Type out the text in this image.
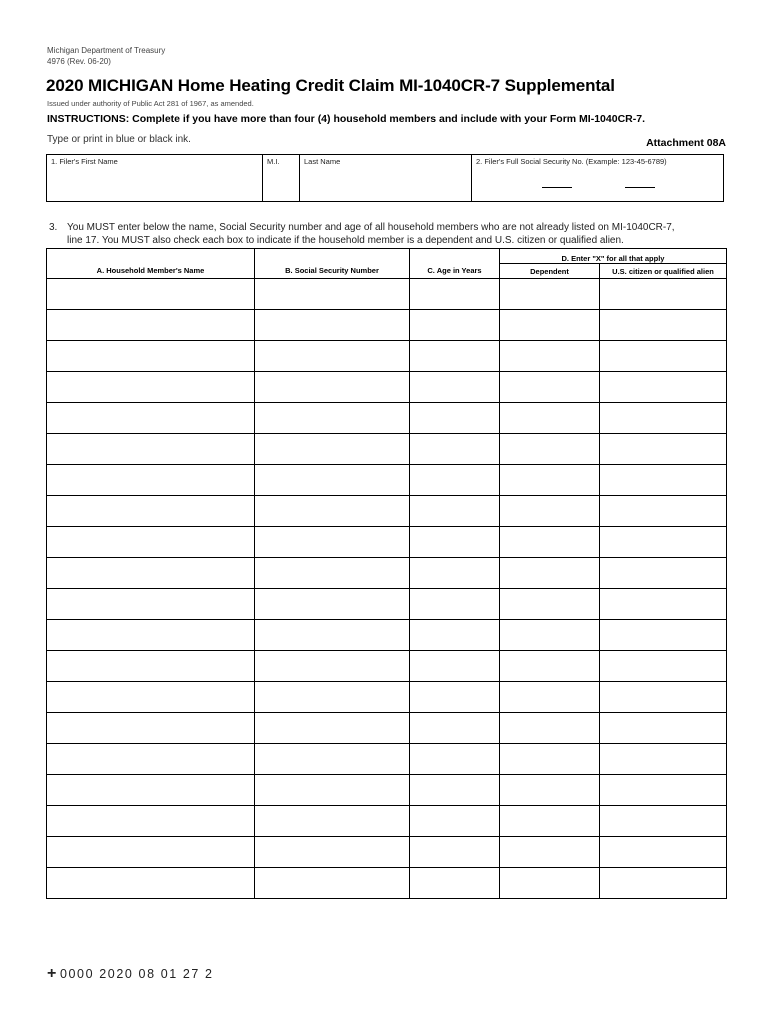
Michigan Department of Treasury
4976 (Rev. 06-20)
2020 MICHIGAN Home Heating Credit Claim MI-1040CR-7 Supplemental
Issued under authority of Public Act 281 of 1967, as amended.
INSTRUCTIONS: Complete if you have more than four (4) household members and include with your Form MI-1040CR-7.
Type or print in blue or black ink.	Attachment 08A
1. Filer's First Name	M.I.	Last Name	2. Filer's Full Social Security No. (Example: 123-45-6789)
3. You MUST enter below the name, Social Security number and age of all household members who are not already listed on MI-1040CR-7,
line 17. You MUST also check each box to indicate if the household member is a dependent and U.S. citizen or qualified alien.
			D. Enter "X" for all that apply	
A. Household Member's Name	B. Social Security Number	C. Age in Years	Dependent	U.S. citizen or qualified alien

+ 0000 2020 08 01 27 2
